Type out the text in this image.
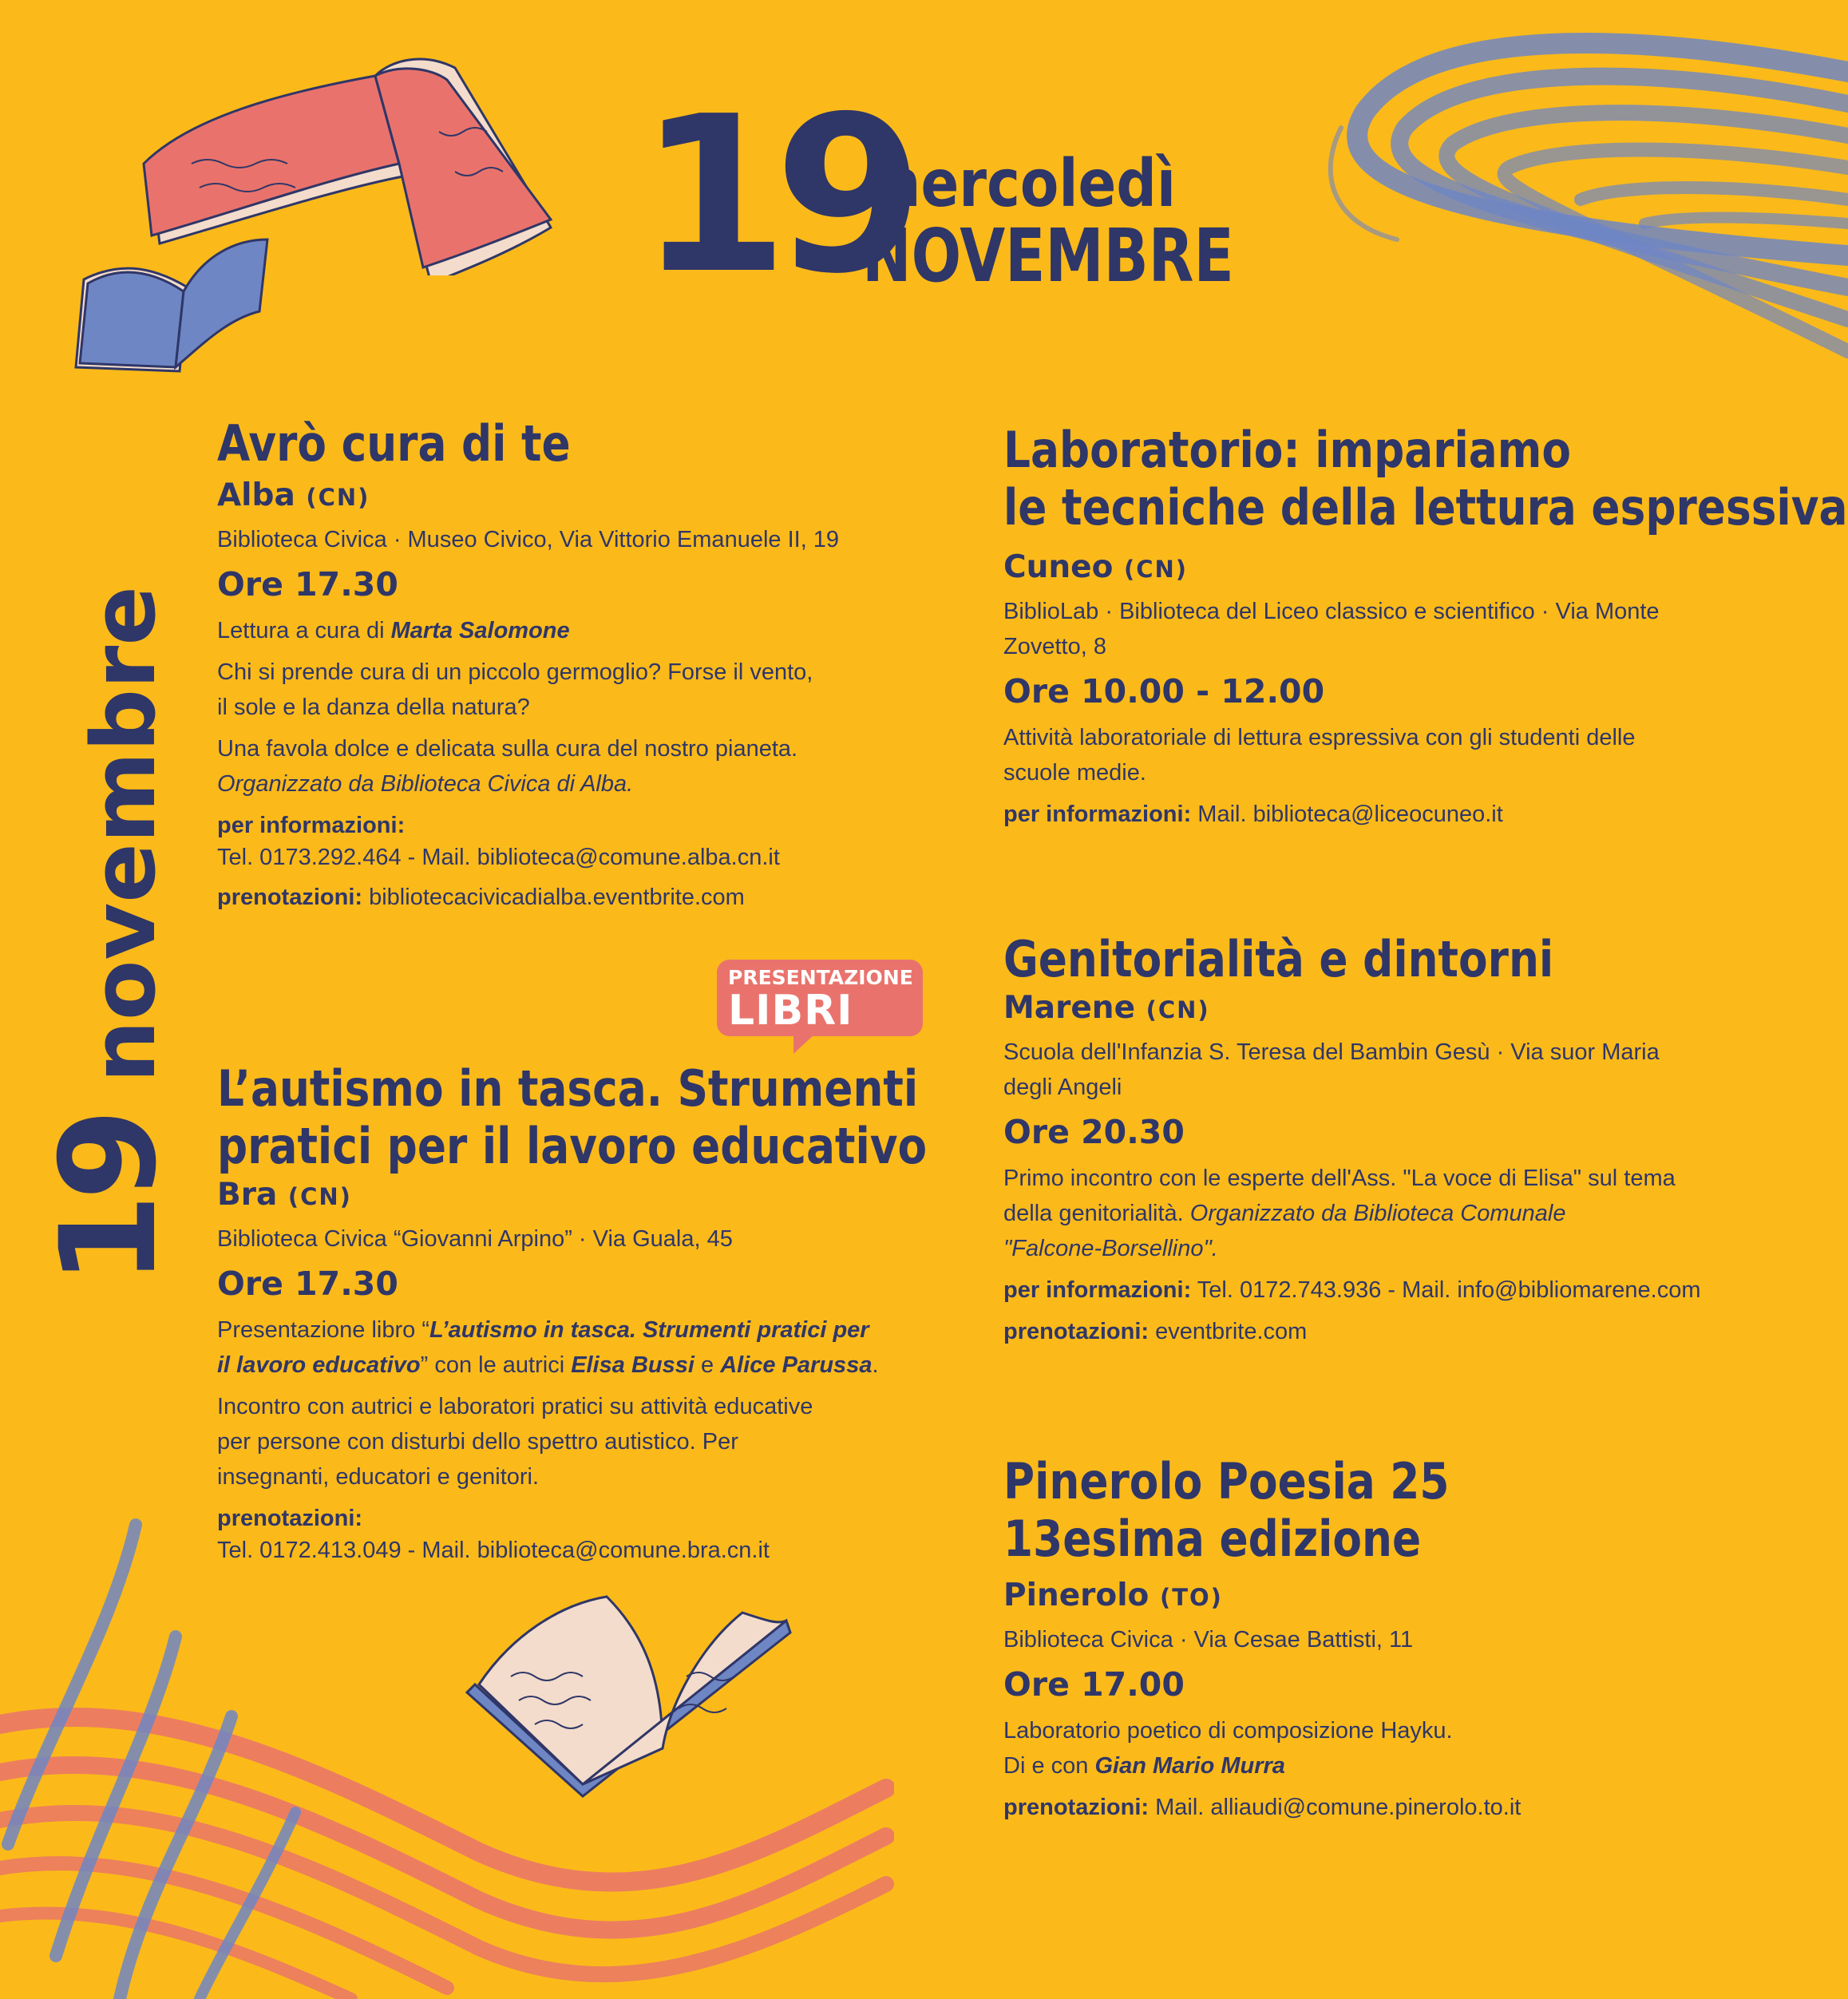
19
mercoledì
NOVEMBRE
19novembre	PRESENTAZIONE
LIBRI
Avrò cura di te
Alba (CN)
Biblioteca Civica · Museo Civico, Via Vittorio Emanuele II, 19
Ore 17.30
Lettura a cura di Marta Salomone
Chi si prende cura di un piccolo germoglio? Forse il vento,
il sole e la danza della natura?
Una favola dolce e delicata sulla cura del nostro pianeta.
Organizzato da Biblioteca Civica di Alba.
per informazioni:
Tel. 0173.292.464 - Mail. biblioteca@comune.alba.cn.it
prenotazioni: bibliotecacivicadialba.eventbrite.com
L’autismo in tasca. Strumenti
pratici per il lavoro educativo
Bra (CN)
Biblioteca Civica “Giovanni Arpino” · Via Guala, 45
Ore 17.30
Presentazione libro “L’autismo in tasca. Strumenti pratici per
il lavoro educativo” con le autrici Elisa Bussi e Alice Parussa.
Incontro con autrici e laboratori pratici su attività educative
per persone con disturbi dello spettro autistico. Per
insegnanti, educatori e genitori.
prenotazioni:
Tel. 0172.413.049 - Mail. biblioteca@comune.bra.cn.it
Laboratorio: impariamo
le tecniche della lettura espressiva
Cuneo (CN)
BiblioLab · Biblioteca del Liceo classico e scientifico · Via Monte
Zovetto, 8
Ore 10.00 - 12.00
Attività laboratoriale di lettura espressiva con gli studenti delle
scuole medie.
per informazioni: Mail. biblioteca@liceocuneo.it
Genitorialità e dintorni
Marene (CN)
Scuola dell'Infanzia S. Teresa del Bambin Gesù · Via suor Maria
degli Angeli
Ore 20.30
Primo incontro con le esperte dell'Ass. "La voce di Elisa" sul tema
della genitorialità. Organizzato da Biblioteca Comunale
"Falcone-Borsellino".
per informazioni: Tel. 0172.743.936 - Mail. info@bibliomarene.com
prenotazioni: eventbrite.com
Pinerolo Poesia 25
13esima edizione
Pinerolo (TO)
Biblioteca Civica · Via Cesae Battisti, 11
Ore 17.00
Laboratorio poetico di composizione Hayku.
Di e con Gian Mario Murra
prenotazioni: Mail. alliaudi@comune.pinerolo.to.it
